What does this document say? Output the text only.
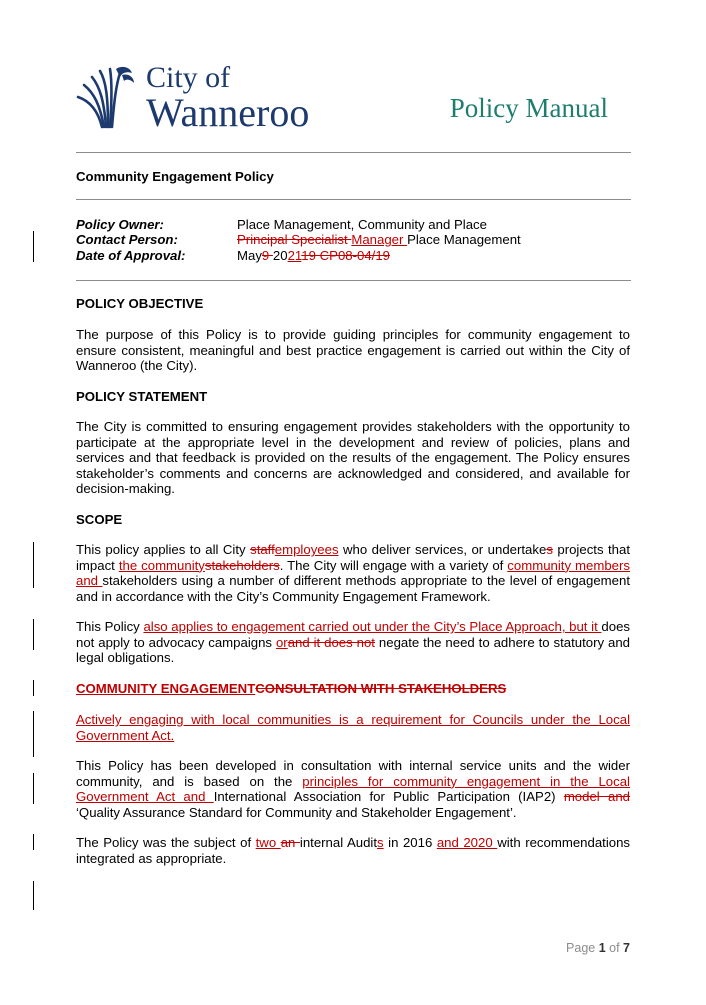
City of
Wanneroo	Policy Manual
Community Engagement Policy
Policy Owner:	Place Management, Community and Place
Contact Person:	Principal Specialist Manager Place Management
Date of Approval:	May9 202119 CP08-04/19
POLICY OBJECTIVE
The purpose of this Policy is to provide guiding principles for community engagement to ensure consistent, meaningful and best practice engagement is carried out within the City of Wanneroo (the City).
POLICY STATEMENT
The City is committed to ensuring engagement provides stakeholders with the opportunity to participate at the appropriate level in the development and review of policies, plans and services and that feedback is provided on the results of the engagement. The Policy ensures stakeholder’s comments and concerns are acknowledged and considered, and available for decision-making.
SCOPE
This policy applies to all City staffemployees who deliver services, or undertakes projects that impact the communitystakeholders. The City will engage with a variety of community members and stakeholders using a number of different methods appropriate to the level of engagement and in accordance with the City’s Community Engagement Framework.
This Policy also applies to engagement carried out under the City’s Place Approach, but it does not apply to advocacy campaigns orand it does not negate the need to adhere to statutory and legal obligations.
COMMUNITY ENGAGEMENTCONSULTATION WITH STAKEHOLDERS
Actively engaging with local communities is a requirement for Councils under the Local Government Act.
This Policy has been developed in consultation with internal service units and the wider community, and is based on the principles for community engagement in the Local Government Act and International Association for Public Participation (IAP2) model and ‘Quality Assurance Standard for Community and Stakeholder Engagement’.
The Policy was the subject of two an internal Audits in 2016 and 2020 with recommendations integrated as appropriate.
Page 1 of 7
